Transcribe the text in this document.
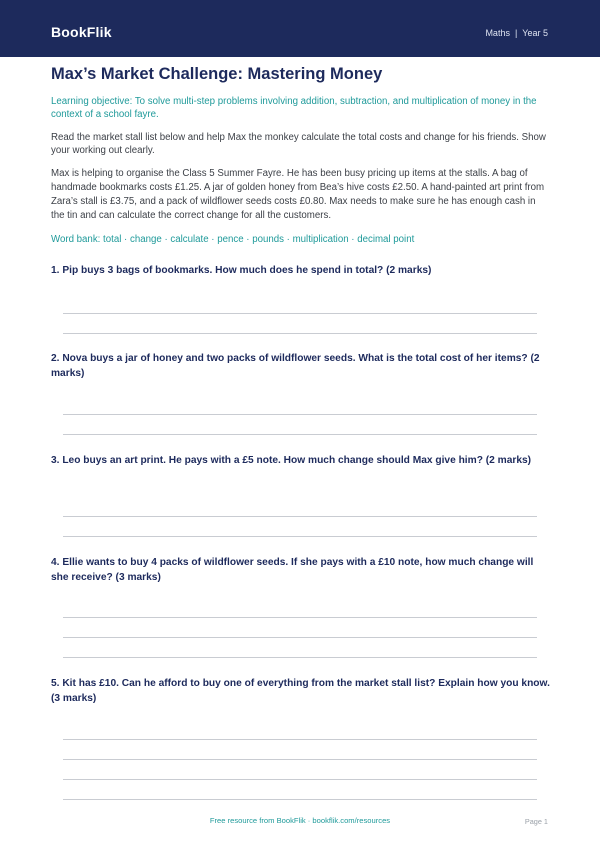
BookFlik	Maths | Year 5
Max’s Market Challenge: Mastering Money

Learning objective: To solve multi-step problems involving addition, subtraction, and multiplication of money in the context of a school fayre.

Read the market stall list below and help Max the monkey calculate the total costs and change for his friends. Show your working out clearly.

Max is helping to organise the Class 5 Summer Fayre. He has been busy pricing up items at the stalls. A bag of handmade bookmarks costs £1.25. A jar of golden honey from Bea’s hive costs £2.50. A hand-painted art print from Zara’s stall is £3.75, and a pack of wildflower seeds costs £0.80. Max needs to make sure he has enough cash in the tin and can calculate the correct change for all the customers.

Word bank: total · change · calculate · pence · pounds · multiplication · decimal point

1. Pip buys 3 bags of bookmarks. How much does he spend in total? (2 marks)

2. Nova buys a jar of honey and two packs of wildflower seeds. What is the total cost of her items? (2 marks)

3. Leo buys an art print. He pays with a £5 note. How much change should Max give him? (2 marks)

4. Ellie wants to buy 4 packs of wildflower seeds. If she pays with a £10 note, how much change will she receive? (3 marks)

5. Kit has £10. Can he afford to buy one of everything from the market stall list? Explain how you know. (3 marks)

Free resource from BookFlik · bookflik.com/resources	Page 1
